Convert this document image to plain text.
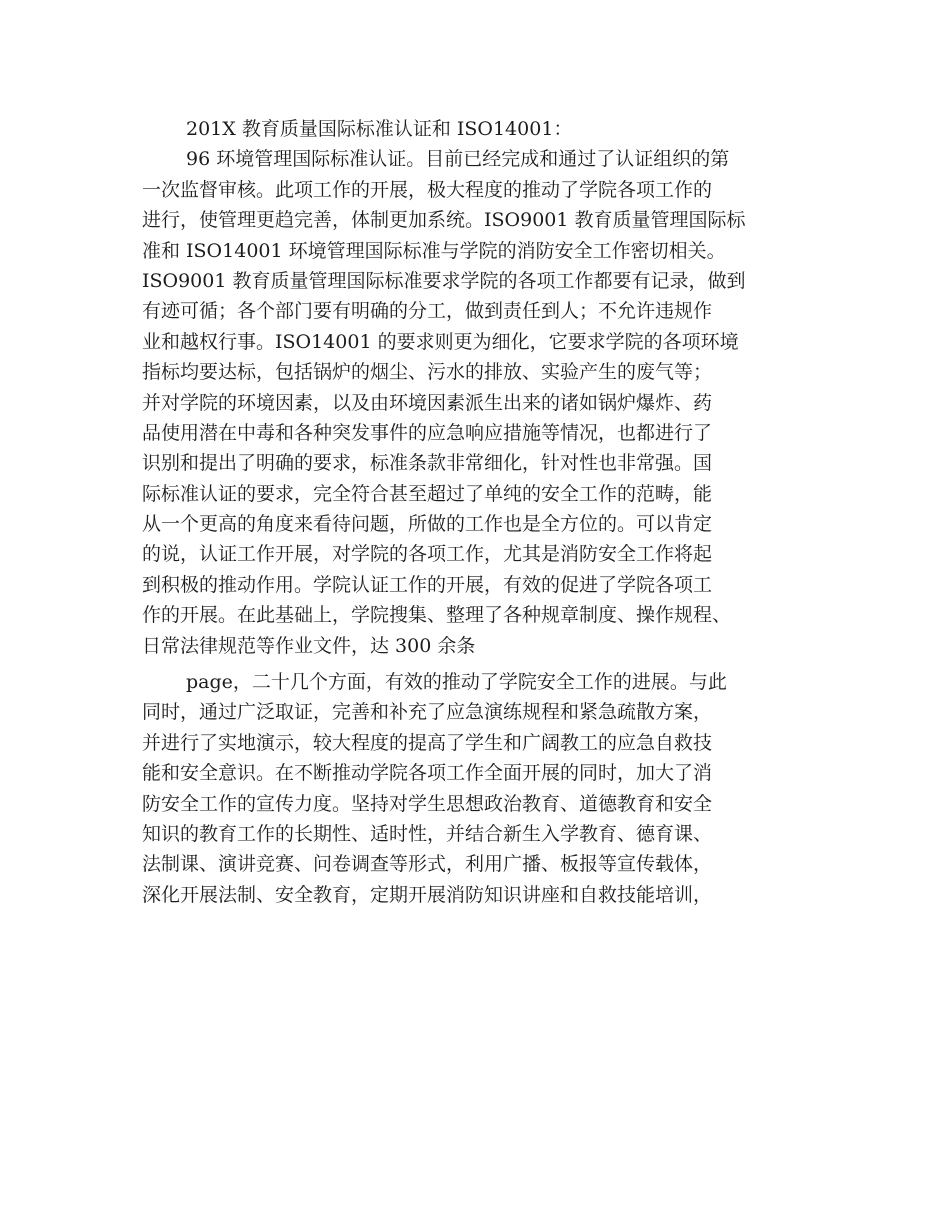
201X 教育质量国际标准认证和 ISO14001：
96 环境管理国际标准认证。目前已经完成和通过了认证组织的第
一次监督审核。此项工作的开展，极大程度的推动了学院各项工作的
进行，使管理更趋完善，体制更加系统。ISO9001 教育质量管理国际标
准和 ISO14001 环境管理国际标准与学院的消防安全工作密切相关。
ISO9001 教育质量管理国际标准要求学院的各项工作都要有记录，做到
有迹可循；各个部门要有明确的分工，做到责任到人；不允许违规作
业和越权行事。ISO14001 的要求则更为细化，它要求学院的各项环境
指标均要达标，包括锅炉的烟尘、污水的排放、实验产生的废气等；
并对学院的环境因素，以及由环境因素派生出来的诸如锅炉爆炸、药
品使用潜在中毒和各种突发事件的应急响应措施等情况，也都进行了
识别和提出了明确的要求，标准条款非常细化，针对性也非常强。国
际标准认证的要求，完全符合甚至超过了单纯的安全工作的范畴，能
从一个更高的角度来看待问题，所做的工作也是全方位的。可以肯定
的说，认证工作开展，对学院的各项工作，尤其是消防安全工作将起
到积极的推动作用。学院认证工作的开展，有效的促进了学院各项工
作的开展。在此基础上，学院搜集、整理了各种规章制度、操作规程、
日常法律规范等作业文件，达 300 余条
page，二十几个方面，有效的推动了学院安全工作的进展。与此
同时，通过广泛取证，完善和补充了应急演练规程和紧急疏散方案，
并进行了实地演示，较大程度的提高了学生和广阔教工的应急自救技
能和安全意识。在不断推动学院各项工作全面开展的同时，加大了消
防安全工作的宣传力度。坚持对学生思想政治教育、道德教育和安全
知识的教育工作的长期性、适时性，并结合新生入学教育、德育课、
法制课、演讲竞赛、问卷调查等形式，利用广播、板报等宣传载体，
深化开展法制、安全教育，定期开展消防知识讲座和自救技能培训，
